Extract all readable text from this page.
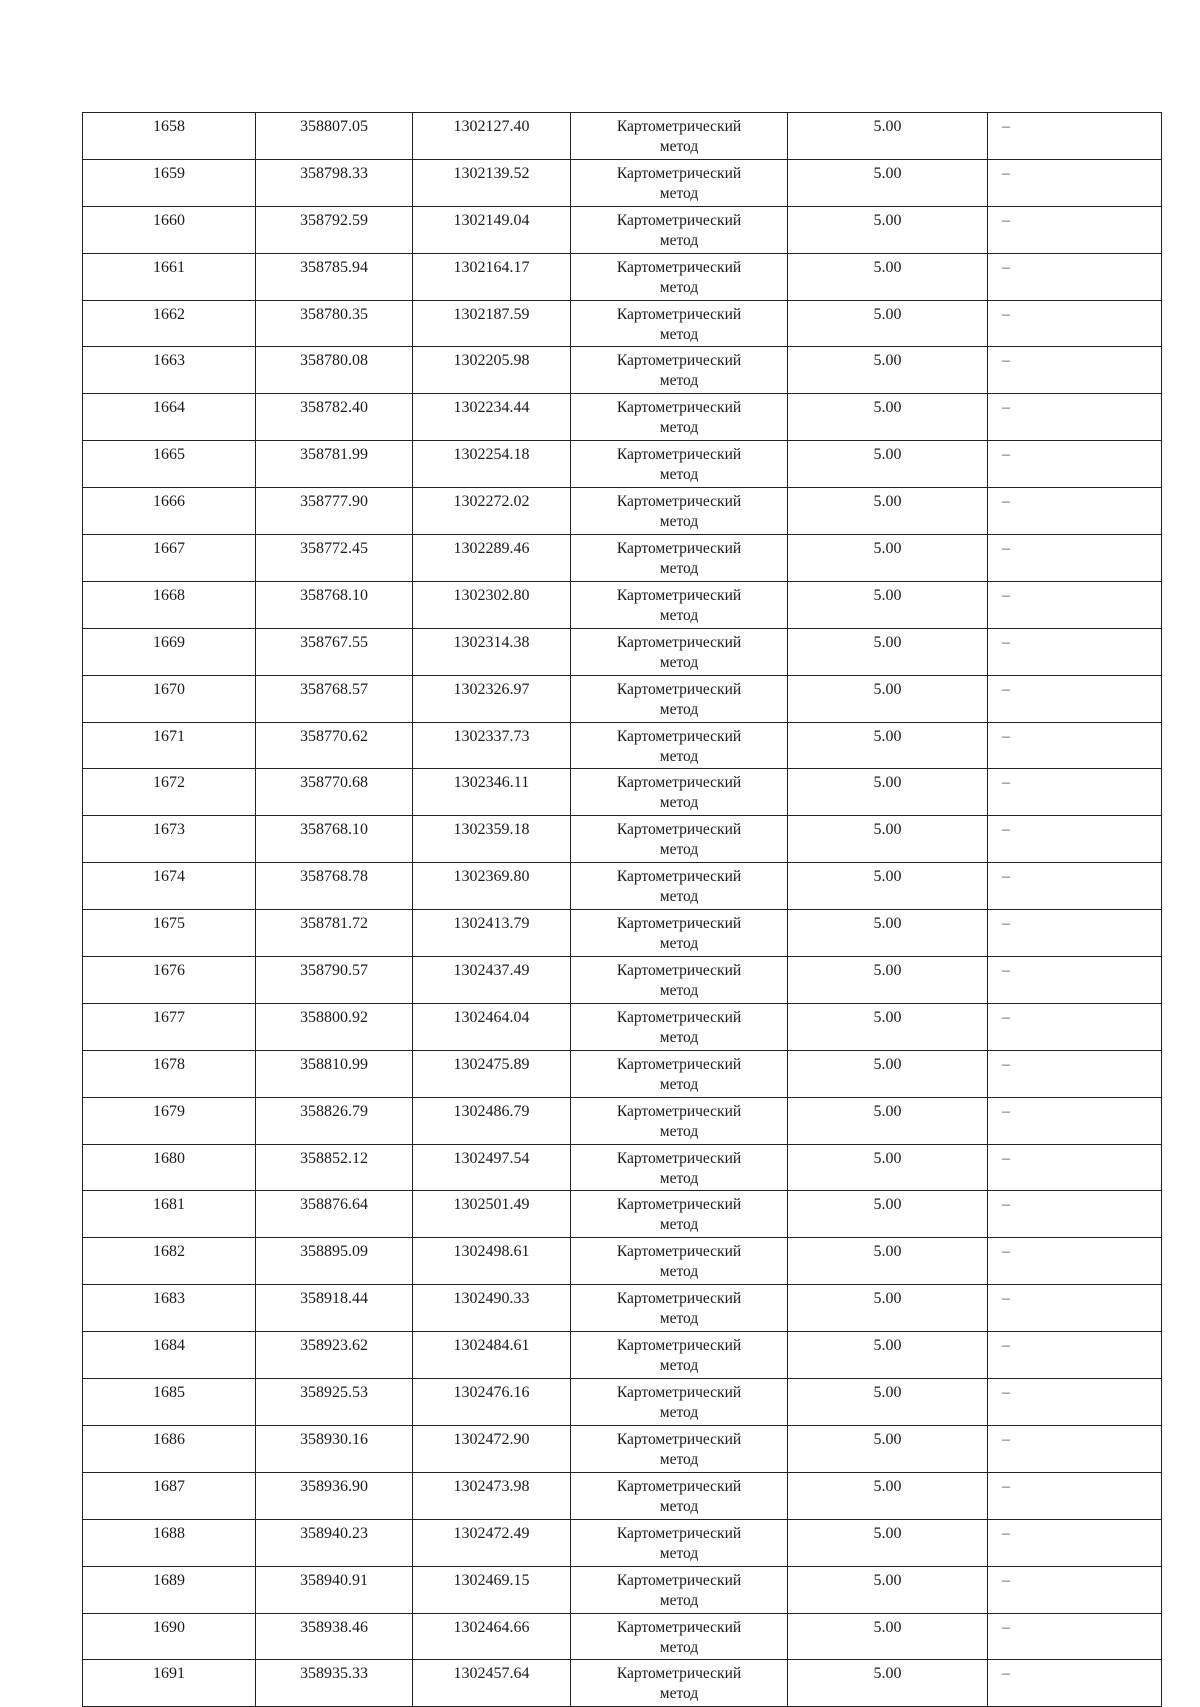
1658	358807.05	1302127.40	Картометрический
метод	5.00	–
1659	358798.33	1302139.52	Картометрический
метод	5.00	–
1660	358792.59	1302149.04	Картометрический
метод	5.00	–
1661	358785.94	1302164.17	Картометрический
метод	5.00	–
1662	358780.35	1302187.59	Картометрический
метод	5.00	–
1663	358780.08	1302205.98	Картометрический
метод	5.00	–
1664	358782.40	1302234.44	Картометрический
метод	5.00	–
1665	358781.99	1302254.18	Картометрический
метод	5.00	–
1666	358777.90	1302272.02	Картометрический
метод	5.00	–
1667	358772.45	1302289.46	Картометрический
метод	5.00	–
1668	358768.10	1302302.80	Картометрический
метод	5.00	–
1669	358767.55	1302314.38	Картометрический
метод	5.00	–
1670	358768.57	1302326.97	Картометрический
метод	5.00	–
1671	358770.62	1302337.73	Картометрический
метод	5.00	–
1672	358770.68	1302346.11	Картометрический
метод	5.00	–
1673	358768.10	1302359.18	Картометрический
метод	5.00	–
1674	358768.78	1302369.80	Картометрический
метод	5.00	–
1675	358781.72	1302413.79	Картометрический
метод	5.00	–
1676	358790.57	1302437.49	Картометрический
метод	5.00	–
1677	358800.92	1302464.04	Картометрический
метод	5.00	–
1678	358810.99	1302475.89	Картометрический
метод	5.00	–
1679	358826.79	1302486.79	Картометрический
метод	5.00	–
1680	358852.12	1302497.54	Картометрический
метод	5.00	–
1681	358876.64	1302501.49	Картометрический
метод	5.00	–
1682	358895.09	1302498.61	Картометрический
метод	5.00	–
1683	358918.44	1302490.33	Картометрический
метод	5.00	–
1684	358923.62	1302484.61	Картометрический
метод	5.00	–
1685	358925.53	1302476.16	Картометрический
метод	5.00	–
1686	358930.16	1302472.90	Картометрический
метод	5.00	–
1687	358936.90	1302473.98	Картометрический
метод	5.00	–
1688	358940.23	1302472.49	Картометрический
метод	5.00	–
1689	358940.91	1302469.15	Картометрический
метод	5.00	–
1690	358938.46	1302464.66	Картометрический
метод	5.00	–
1691	358935.33	1302457.64	Картометрический
метод	5.00	–
